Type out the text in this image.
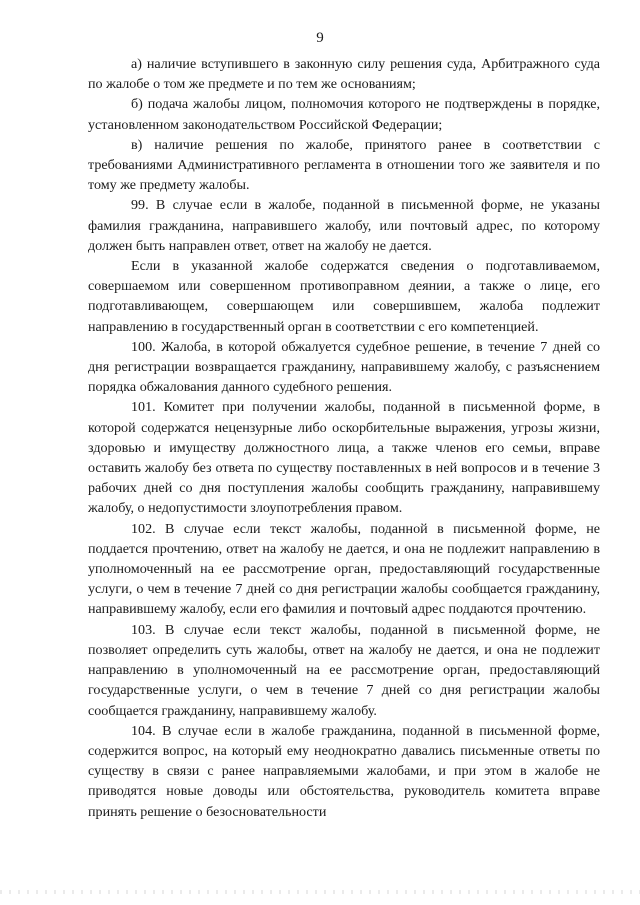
9

а) наличие вступившего в законную силу решения суда, Арбитражного суда по жалобе о том же предмете и по тем же основаниям;

б) подача жалобы лицом, полномочия которого не подтверждены в порядке, установленном законодательством Российской Федерации;

в) наличие решения по жалобе, принятого ранее в соответствии с требованиями Административного регламента в отношении того же заявителя и по тому же предмету жалобы.

99. В случае если в жалобе, поданной в письменной форме, не указаны фамилия гражданина, направившего жалобу, или почтовый адрес, по которому должен быть направлен ответ, ответ на жалобу не дается.

Если в указанной жалобе содержатся сведения о подготавливаемом, совершаемом или совершенном противоправном деянии, а также о лице, его подготавливающем, совершающем или совершившем, жалоба подлежит направлению в государственный орган в соответствии с его компетенцией.

100. Жалоба, в которой обжалуется судебное решение, в течение 7 дней со дня регистрации возвращается гражданину, направившему жалобу, с разъяснением порядка обжалования данного судебного решения.

101. Комитет при получении жалобы, поданной в письменной форме, в которой содержатся нецензурные либо оскорбительные выражения, угрозы жизни, здоровью и имуществу должностного лица, а также членов его семьи, вправе оставить жалобу без ответа по существу поставленных в ней вопросов и в течение 3 рабочих дней со дня поступления жалобы сообщить гражданину, направившему жалобу, о недопустимости злоупотребления правом.

102. В случае если текст жалобы, поданной в письменной форме, не поддается прочтению, ответ на жалобу не дается, и она не подлежит направлению в уполномоченный на ее рассмотрение орган, предоставляющий государственные услуги, о чем в течение 7 дней со дня регистрации жалобы сообщается гражданину, направившему жалобу, если его фамилия и почтовый адрес поддаются прочтению.

103. В случае если текст жалобы, поданной в письменной форме, не позволяет определить суть жалобы, ответ на жалобу не дается, и она не подлежит направлению в уполномоченный на ее рассмотрение орган, предоставляющий государственные услуги, о чем в течение 7 дней со дня регистрации жалобы сообщается гражданину, направившему жалобу.

104. В случае если в жалобе гражданина, поданной в письменной форме, содержится вопрос, на который ему неоднократно давались письменные ответы по существу в связи с ранее направляемыми жалобами, и при этом в жалобе не приводятся новые доводы или обстоятельства, руководитель комитета вправе принять решение о безосновательности
